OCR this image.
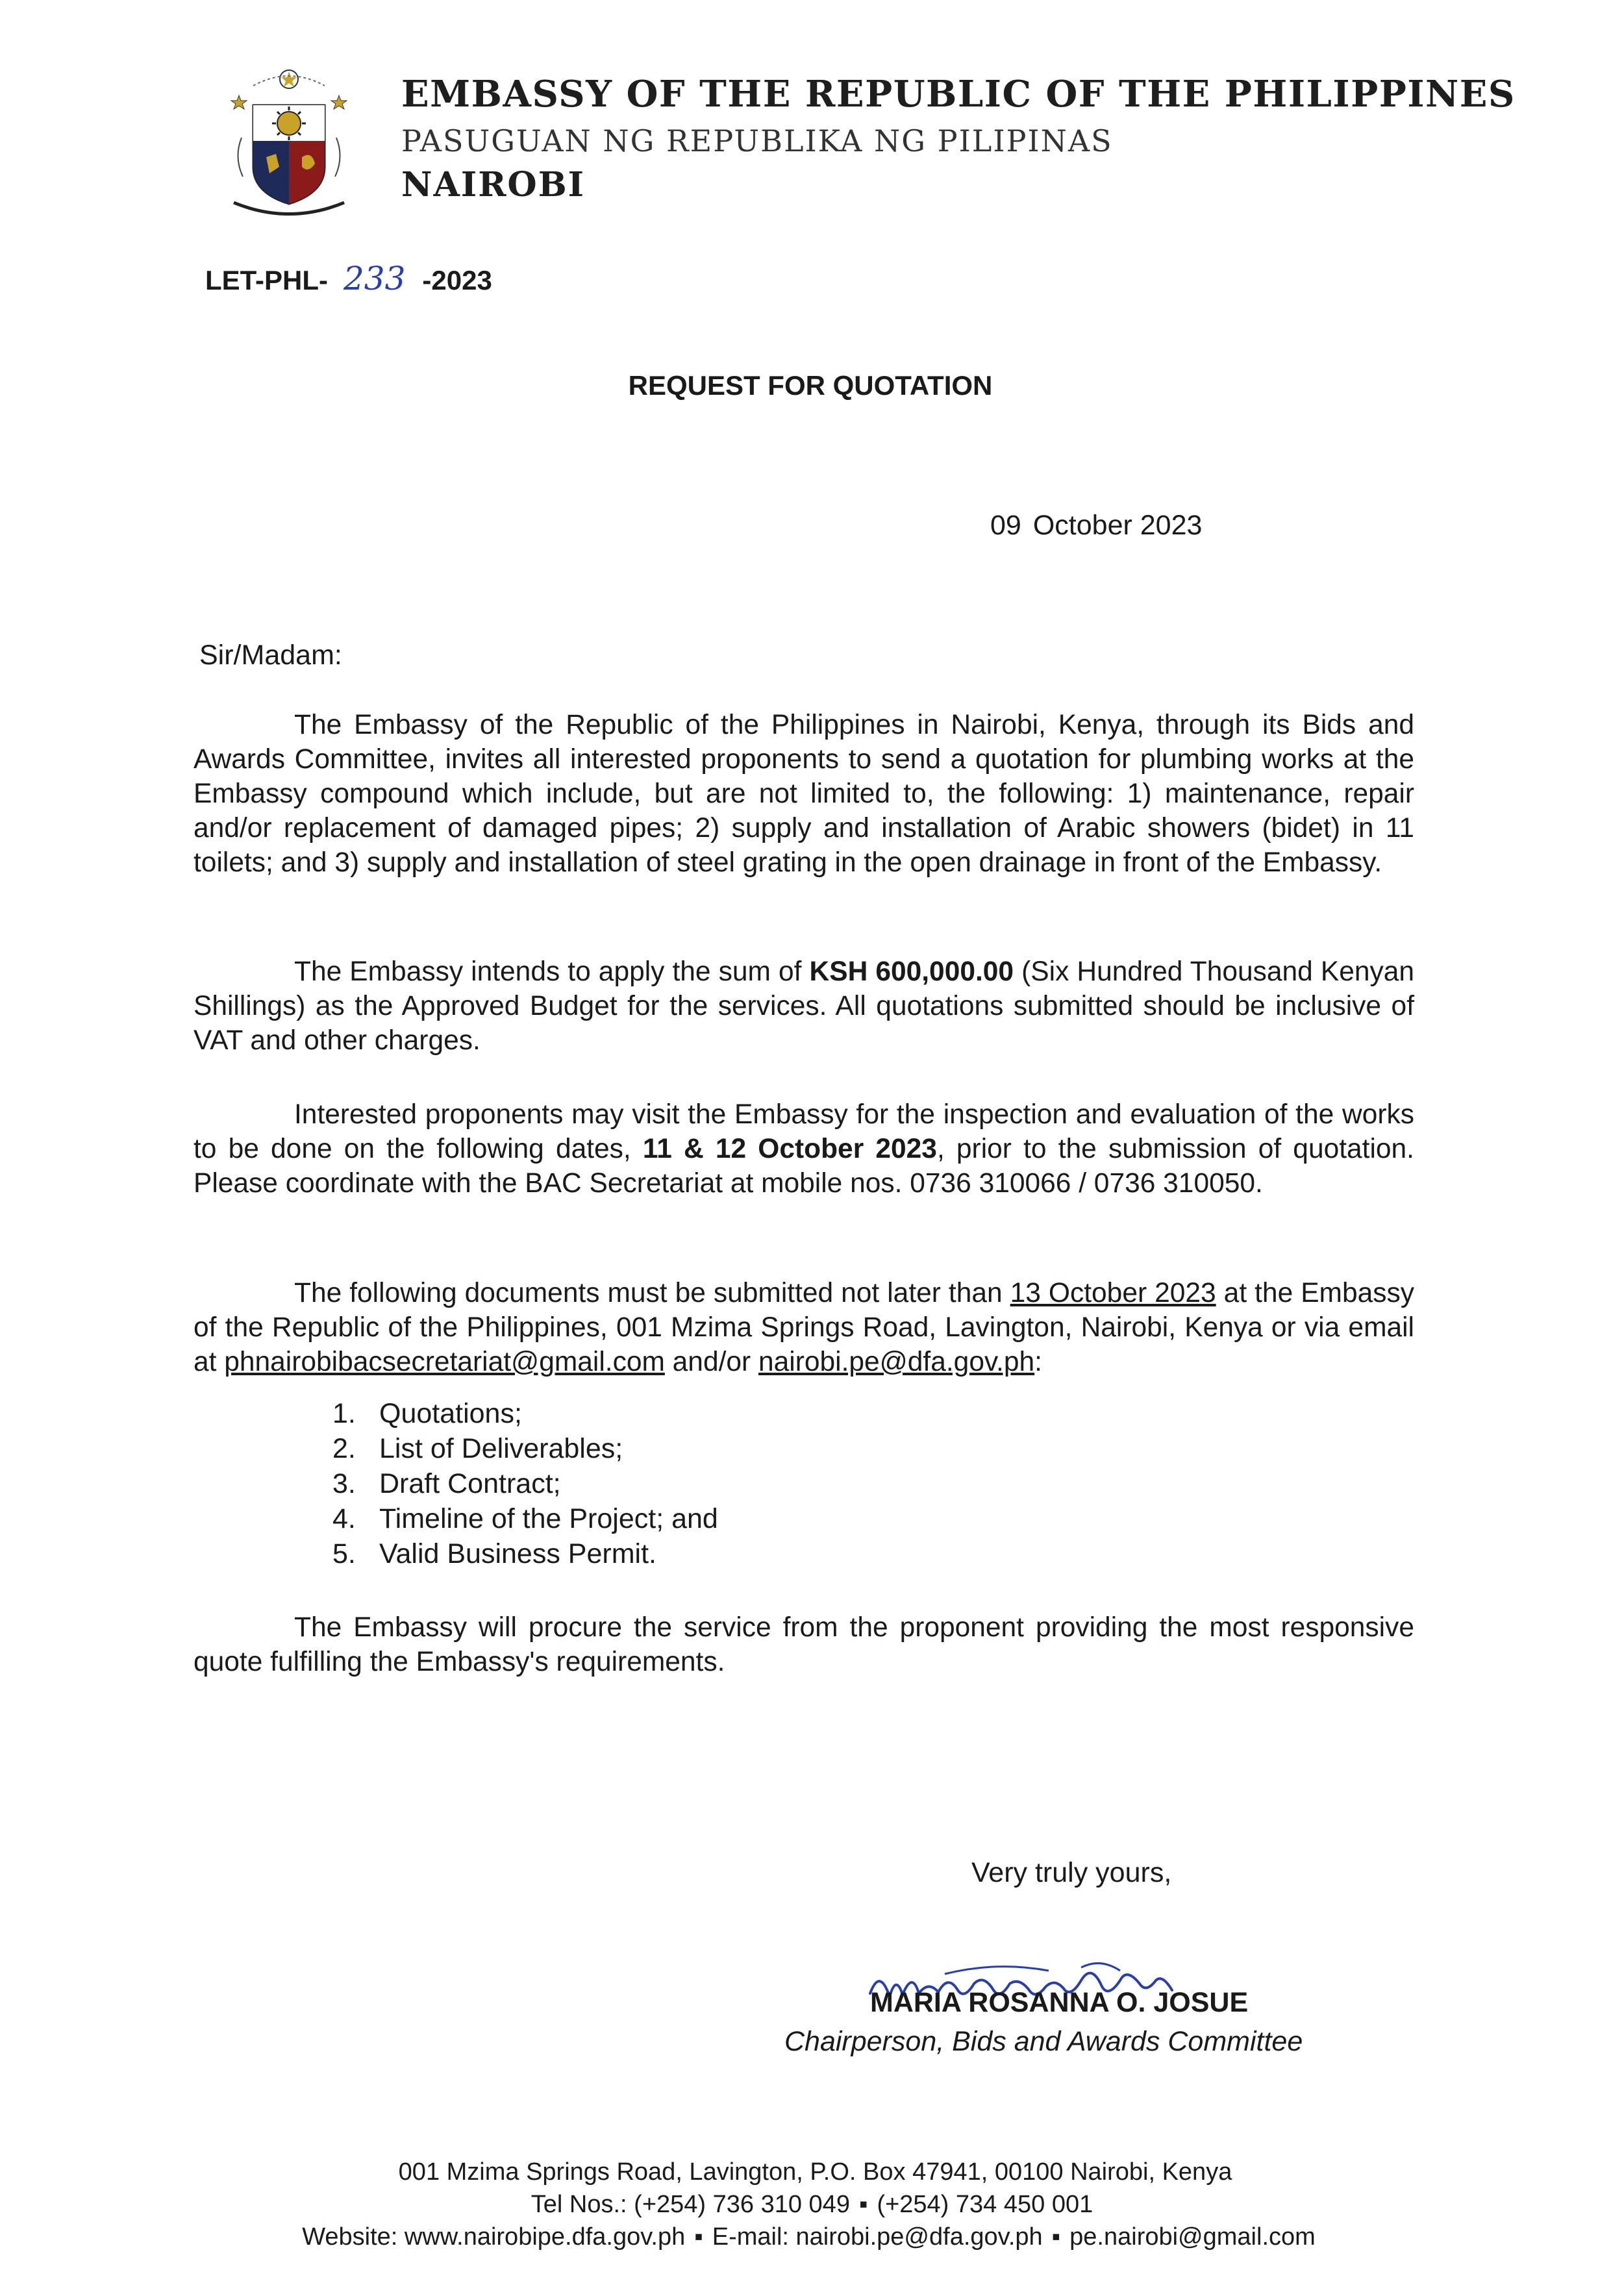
EMBASSY OF THE REPUBLIC OF THE PHILIPPINES
PASUGUAN NG REPUBLIKA NG PILIPINAS
NAIROBI
LET-PHL- 233 -2023
REQUEST FOR QUOTATION
09 October 2023
Sir/Madam:

The Embassy of the Republic of the Philippines in Nairobi, Kenya, through its Bids and Awards Committee, invites all interested proponents to send a quotation for plumbing works at the Embassy compound which include, but are not limited to, the following: 1) maintenance, repair and/or replacement of damaged pipes; 2) supply and installation of Arabic showers (bidet) in 11 toilets; and 3) supply and installation of steel grating in the open drainage in front of the Embassy.

The Embassy intends to apply the sum of KSH 600,000.00 (Six Hundred Thousand Kenyan Shillings) as the Approved Budget for the services. All quotations submitted should be inclusive of VAT and other charges.

Interested proponents may visit the Embassy for the inspection and evaluation of the works to be done on the following dates, 11 & 12 October 2023, prior to the submission of quotation. Please coordinate with the BAC Secretariat at mobile nos. 0736 310066 / 0736 310050.

The following documents must be submitted not later than 13 October 2023 at the Embassy of the Republic of the Philippines, 001 Mzima Springs Road, Lavington, Nairobi, Kenya or via email at phnairobibacsecretariat@gmail.com and/or nairobi.pe@dfa.gov.ph:

1. Quotations;
2. List of Deliverables;
3. Draft Contract;
4. Timeline of the Project; and
5. Valid Business Permit.

The Embassy will procure the service from the proponent providing the most responsive quote fulfilling the Embassy's requirements.

Very truly yours,
MARIA ROSANNA O. JOSUE
Chairperson, Bids and Awards Committee
001 Mzima Springs Road, Lavington, P.O. Box 47941, 00100 Nairobi, Kenya
Tel Nos.: (+254) 736 310 049 ▪ (+254) 734 450 001
Website: www.nairobipe.dfa.gov.ph ▪ E-mail: nairobi.pe@dfa.gov.ph ▪ pe.nairobi@gmail.com
